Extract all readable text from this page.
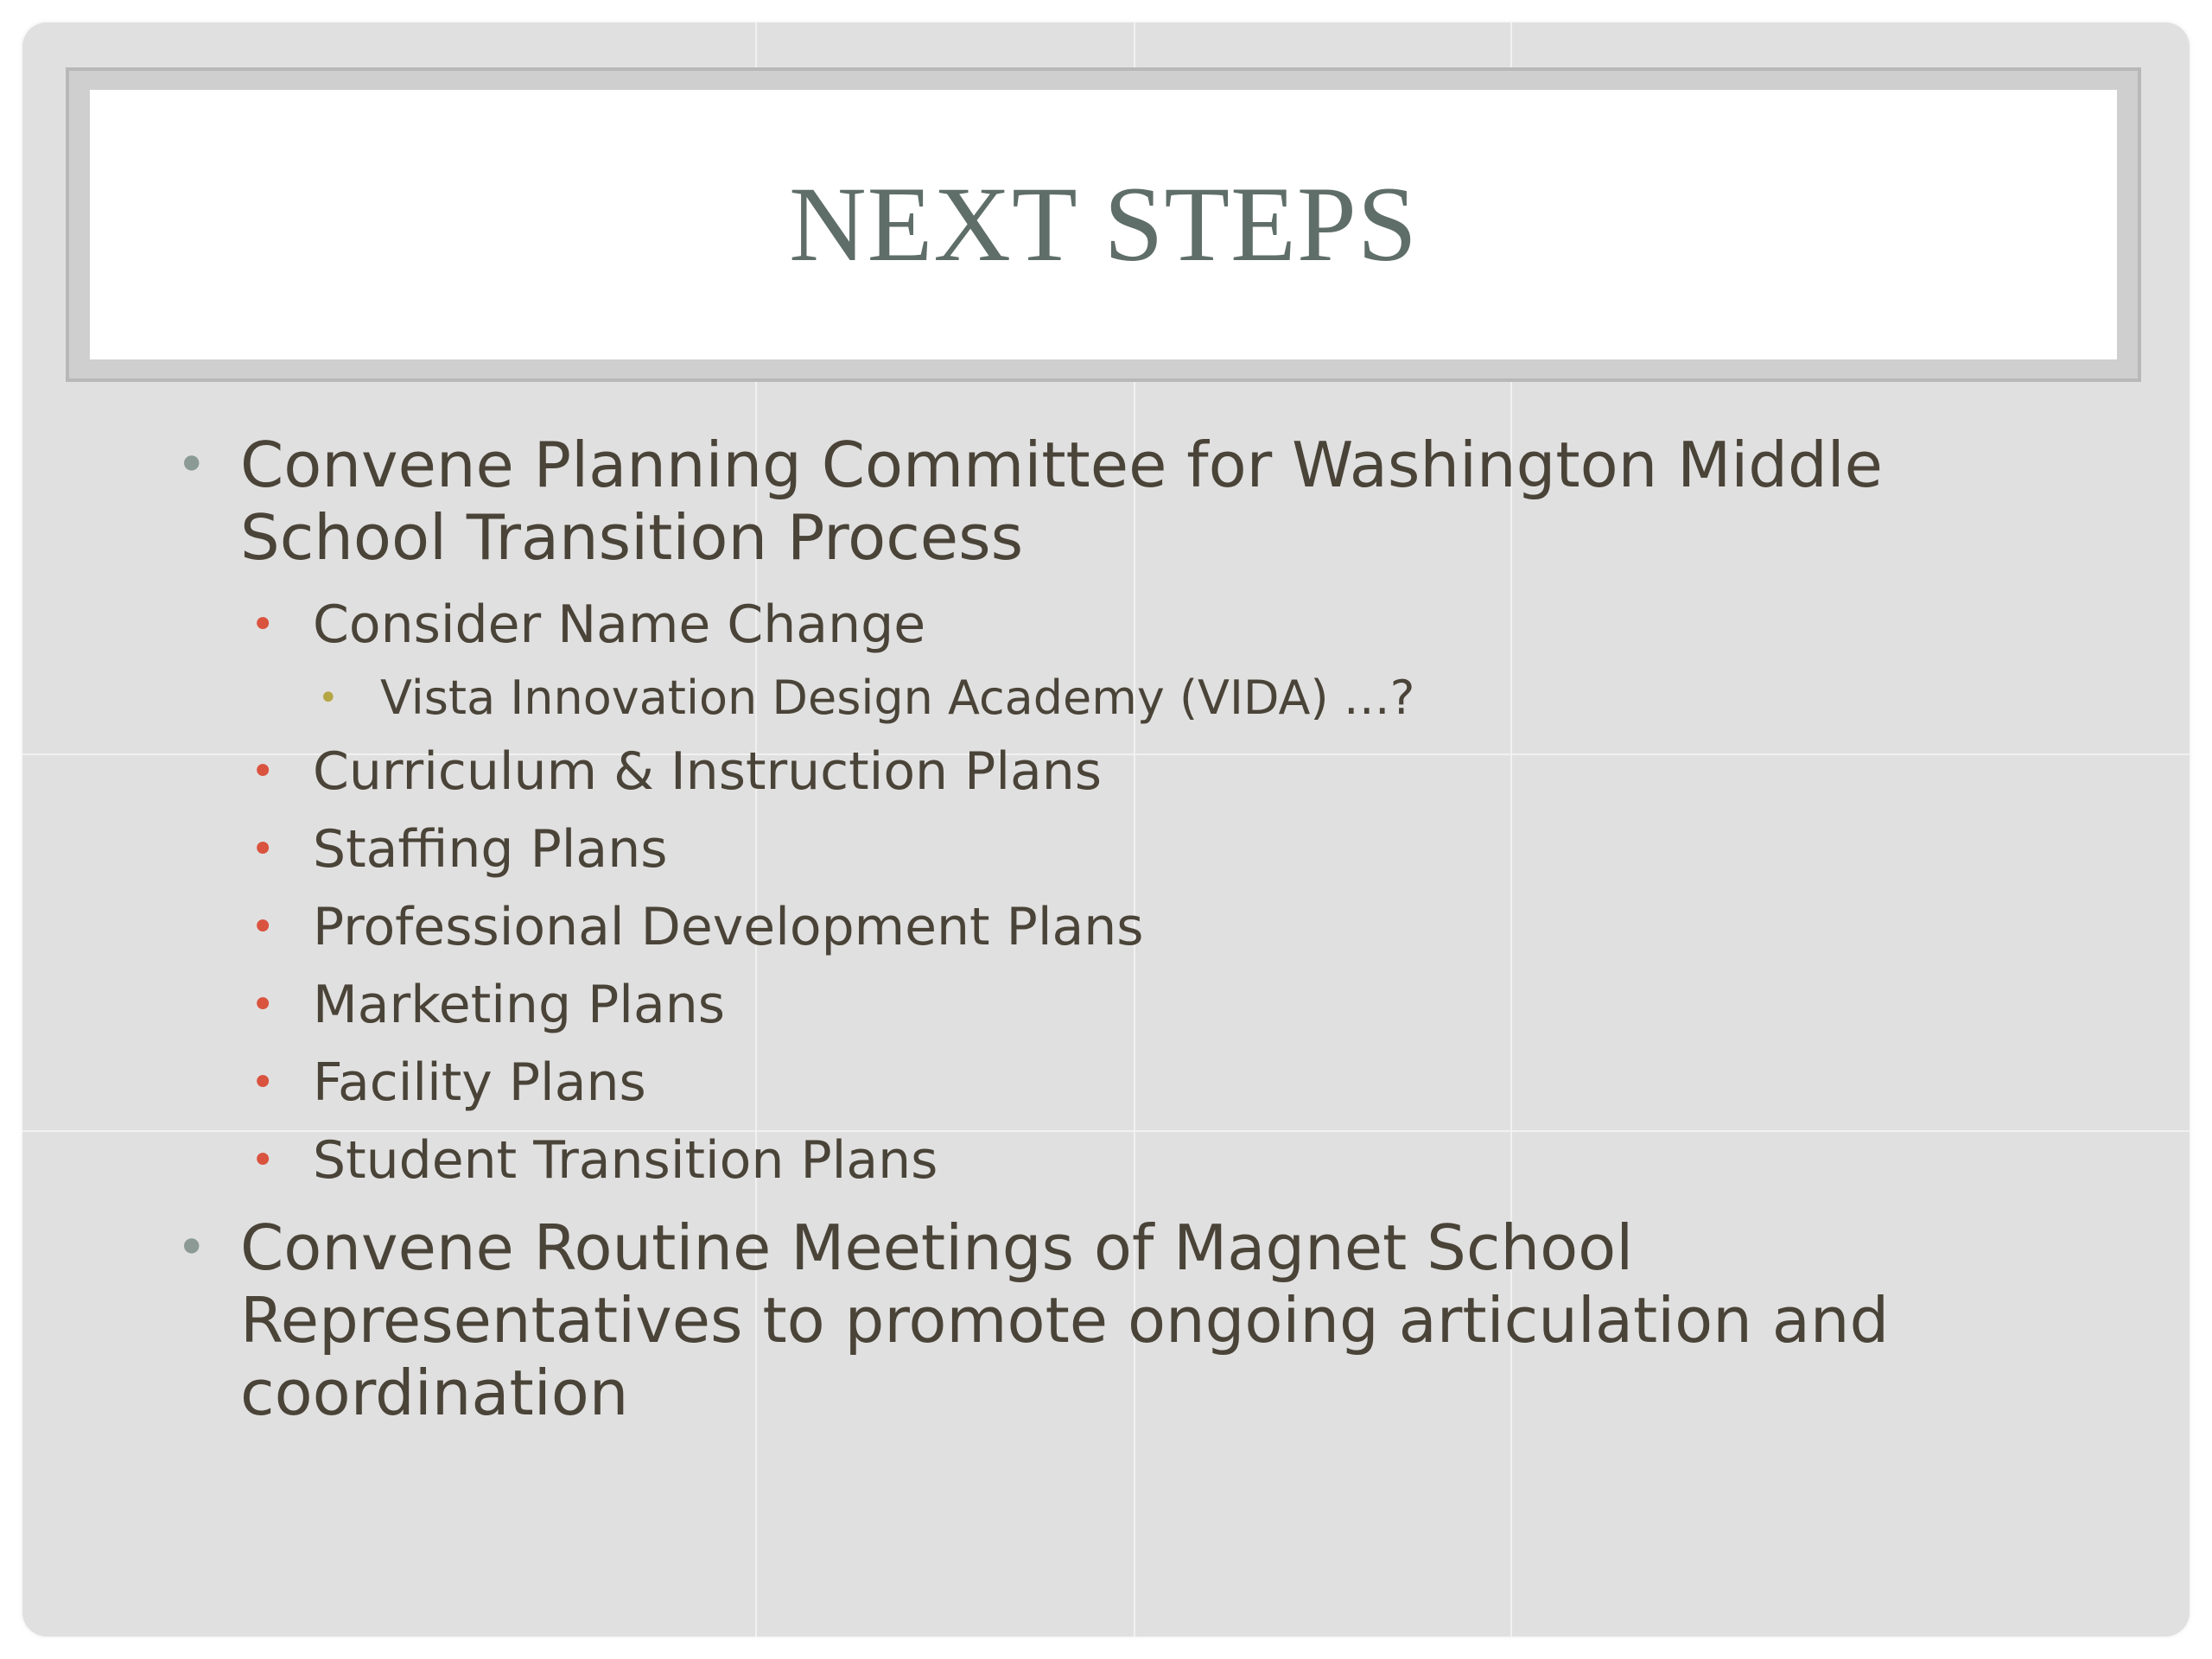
NEXT STEPS
• Convene Planning Committee for Washington Middle School Transition Process
• Consider Name Change
• Vista Innovation Design Academy (VIDA) …?
• Curriculum & Instruction Plans
• Staffing Plans
• Professional Development Plans
• Marketing Plans
• Facility Plans
• Student Transition Plans
• Convene Routine Meetings of Magnet School Representatives to promote ongoing articulation and coordination
